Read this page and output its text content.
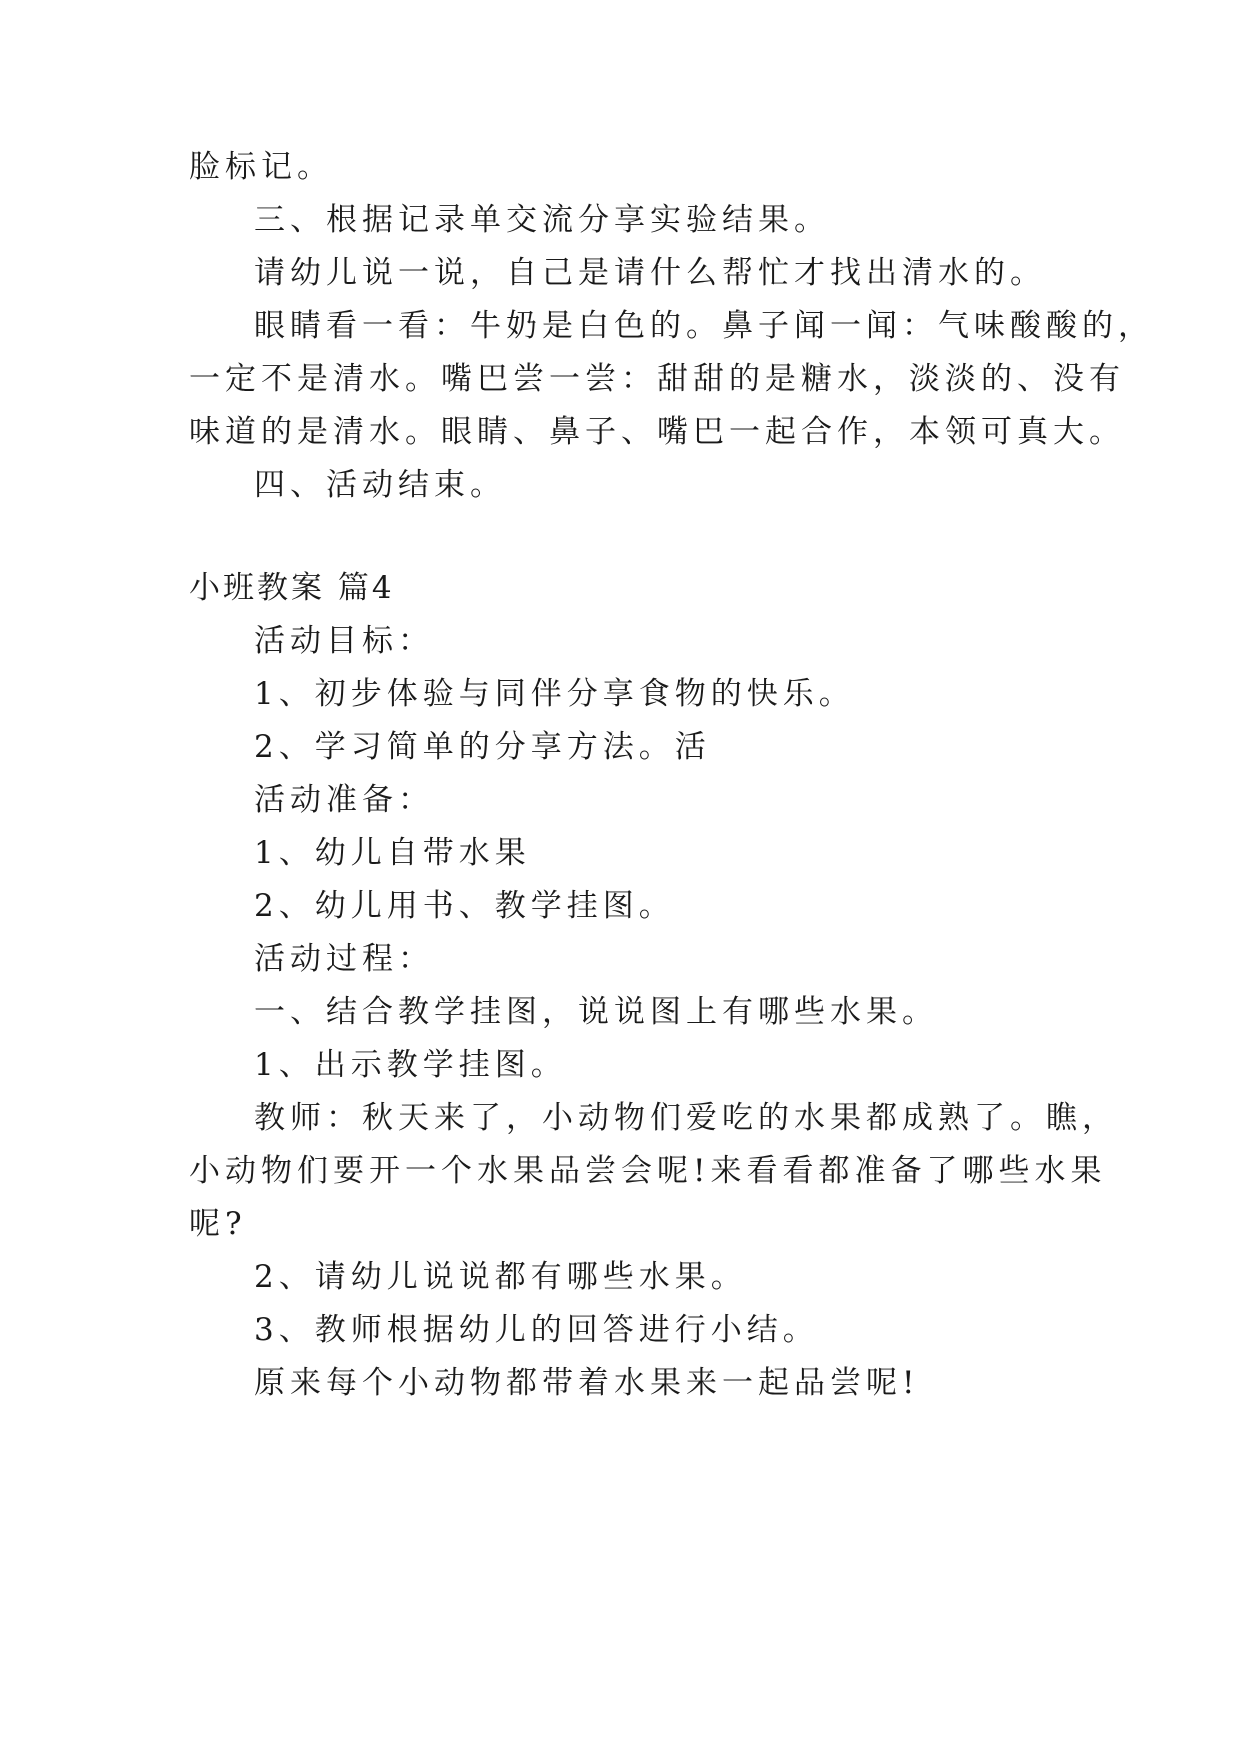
脸标记。
三、根据记录单交流分享实验结果。
请幼儿说一说，自己是请什么帮忙才找出清水的。
眼睛看一看：牛奶是白色的。鼻子闻一闻：气味酸酸的，
一定不是清水。嘴巴尝一尝：甜甜的是糖水，淡淡的、没有
味道的是清水。眼睛、鼻子、嘴巴一起合作，本领可真大。
四、活动结束。
小班教案 篇4
活动目标：
1、初步体验与同伴分享食物的快乐。
2、学习简单的分享方法。活
活动准备：
1、幼儿自带水果
2、幼儿用书、教学挂图。
活动过程：
一、结合教学挂图，说说图上有哪些水果。
1、出示教学挂图。
教师：秋天来了，小动物们爱吃的水果都成熟了。瞧，
小动物们要开一个水果品尝会呢!来看看都准备了哪些水果
呢?
2、请幼儿说说都有哪些水果。
3、教师根据幼儿的回答进行小结。
原来每个小动物都带着水果来一起品尝呢!
